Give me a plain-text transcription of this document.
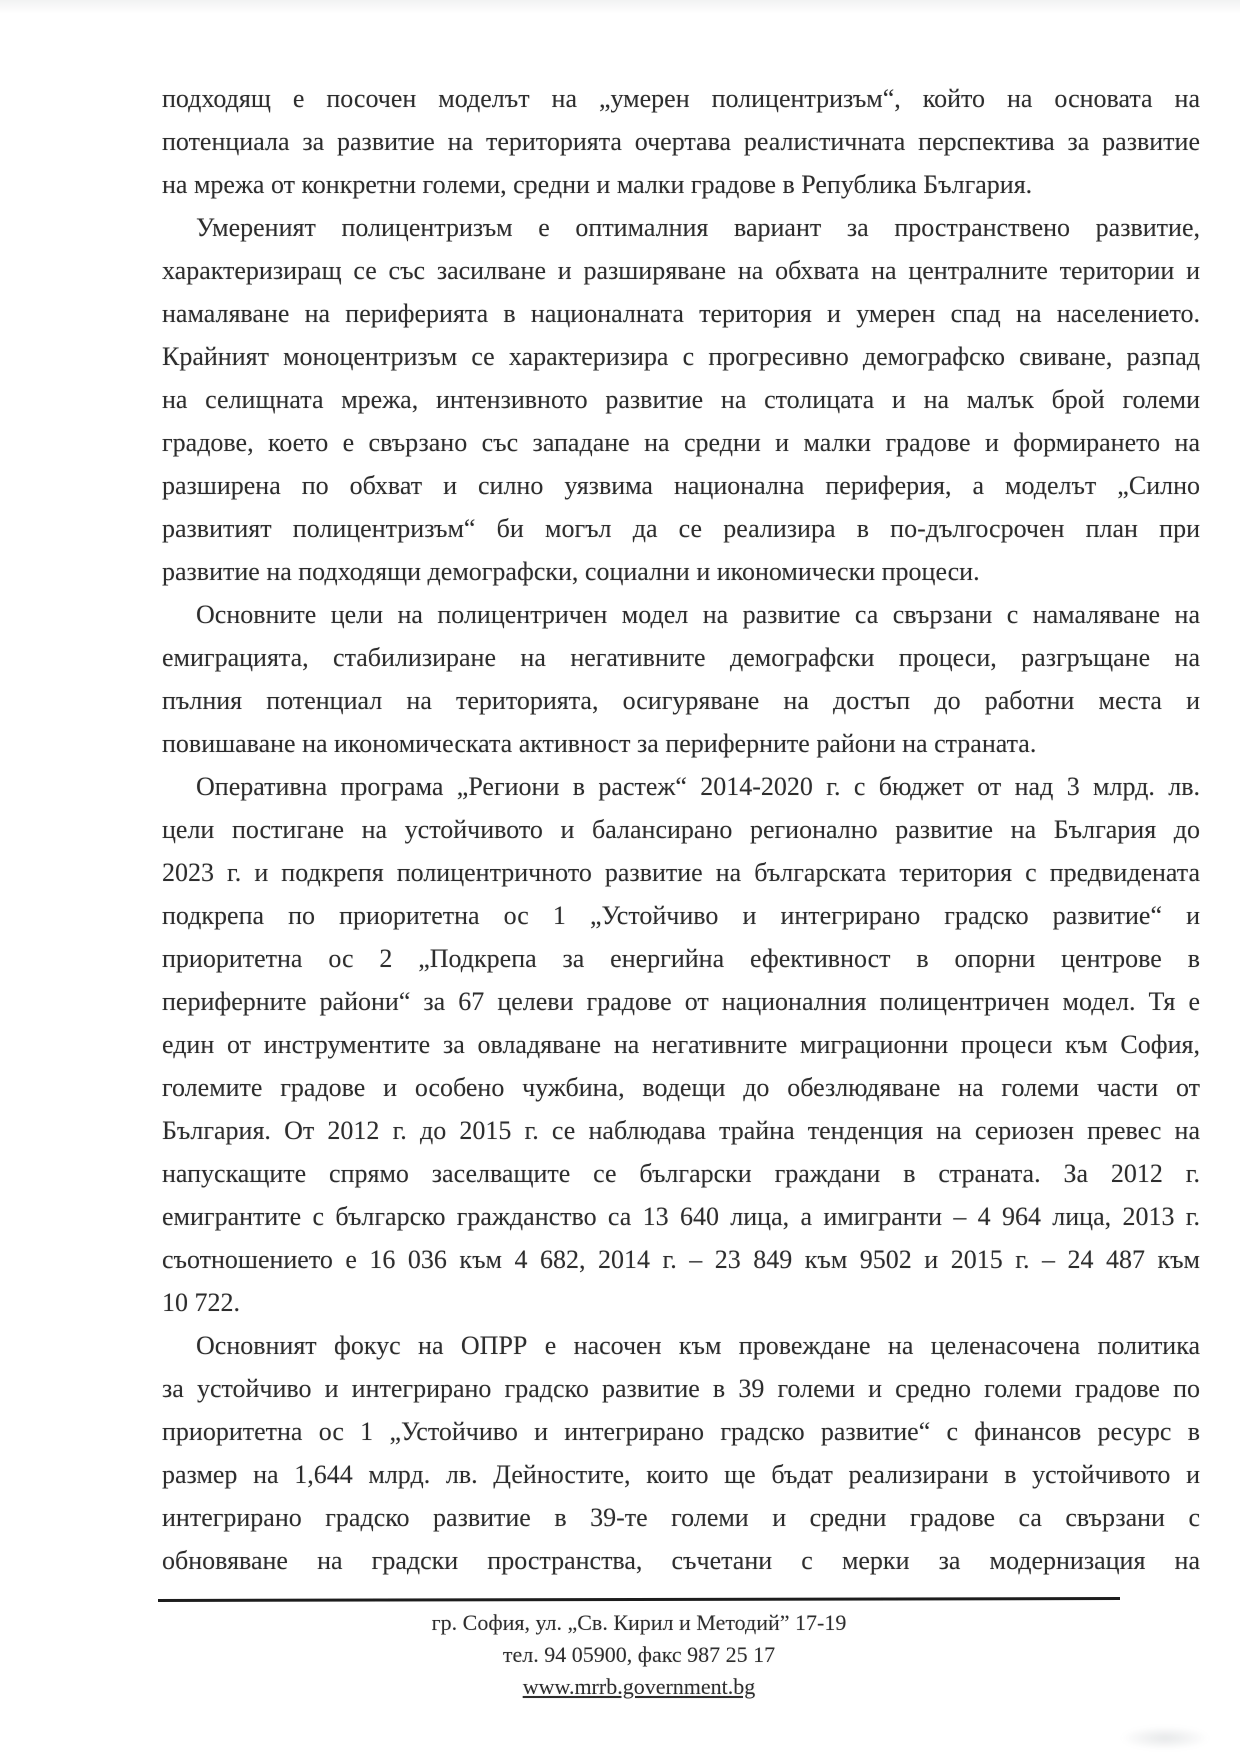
подходящ е посочен моделът на „умерен полицентризъм“, който на основата на
потенциала за развитие на територията очертава реалистичната перспектива за развитие
на мрежа от конкретни големи, средни и малки градове в Република България.
Умереният полицентризъм е оптималния вариант за пространствено развитие,
характеризиращ се със засилване и разширяване на обхвата на централните територии и
намаляване на периферията в националната територия и умерен спад на населението.
Крайният моноцентризъм се характеризира с прогресивно демографско свиване, разпад
на селищната мрежа, интензивното развитие на столицата и на малък брой големи
градове, което е свързано със западане на средни и малки градове и формирането на
разширена по обхват и силно уязвима национална периферия, а моделът „Силно
развитият полицентризъм“ би могъл да се реализира в по-дългосрочен план при
развитие на подходящи демографски, социални и икономически процеси.
Основните цели на полицентричен модел на развитие са свързани с намаляване на
емиграцията, стабилизиране на негативните демографски процеси, разгръщане на
пълния потенциал на територията, осигуряване на достъп до работни места и
повишаване на икономическата активност за периферните райони на страната.
Оперативна програма „Региони в растеж“ 2014-2020 г. с бюджет от над 3 млрд. лв.
цели постигане на устойчивото и балансирано регионално развитие на България до
2023 г. и подкрепя полицентричното развитие на българската територия с предвидената
подкрепа по приоритетна ос 1 „Устойчиво и интегрирано градско развитие“ и
приоритетна ос 2 „Подкрепа за енергийна ефективност в опорни центрове в
периферните райони“ за 67 целеви градове от националния полицентричен модел. Тя е
един от инструментите за овладяване на негативните миграционни процеси към София,
големите градове и особено чужбина, водещи до обезлюдяване на големи части от
България. От 2012 г. до 2015 г. се наблюдава трайна тенденция на сериозен превес на
напускащите спрямо заселващите се български граждани в страната. За 2012 г.
емигрантите с българско гражданство са 13 640 лица, а имигранти – 4 964 лица, 2013 г.
съотношението е 16 036 към 4 682, 2014 г. – 23 849 към 9502 и 2015 г. – 24 487 към
10 722.
Основният фокус на ОПРР е насочен към провеждане на целенасочена политика
за устойчиво и интегрирано градско развитие в 39 големи и средно големи градове по
приоритетна ос 1 „Устойчиво и интегрирано градско развитие“ с финансов ресурс в
размер на 1,644 млрд. лв. Дейностите, които ще бъдат реализирани в устойчивото и
интегрирано градско развитие в 39-те големи и средни градове са свързани с
обновяване на градски пространства, съчетани с мерки за модернизация на
гр. София, ул. „Св. Кирил и Методий” 17-19
тел. 94 05900, факс 987 25 17
www.mrrb.government.bg
